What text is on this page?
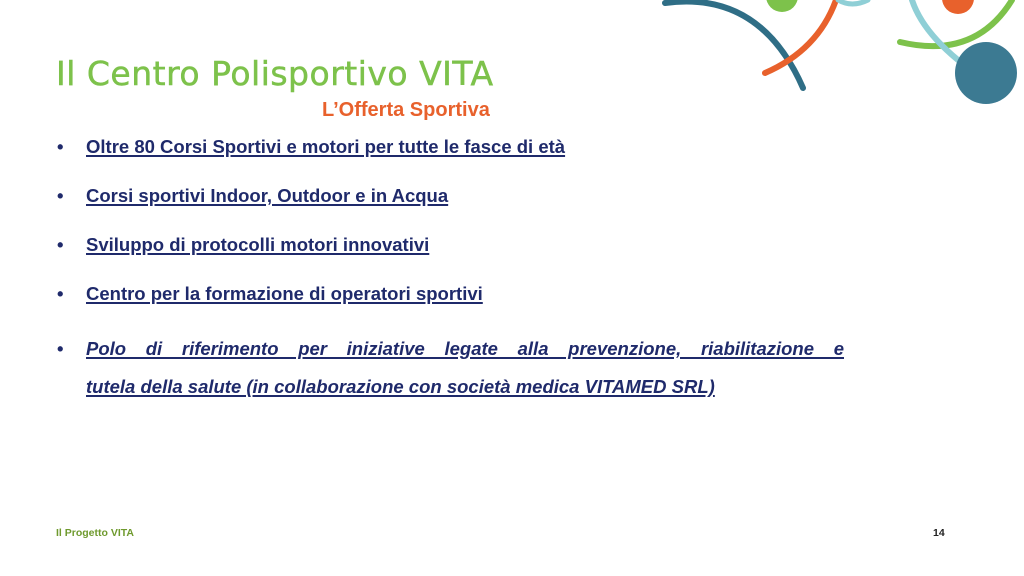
Il Centro Polisportivo VITA
L’Offerta Sportiva
• Oltre 80 Corsi Sportivi e motori per tutte le fasce di età
• Corsi sportivi Indoor, Outdoor e in Acqua
• Sviluppo di protocolli motori innovativi
• Centro per la formazione di operatori sportivi
• Polo di riferimento per iniziative legate alla prevenzione, riabilitazione e
tutela della salute (in collaborazione con società medica VITAMED SRL)
Il Progetto VITA	14
